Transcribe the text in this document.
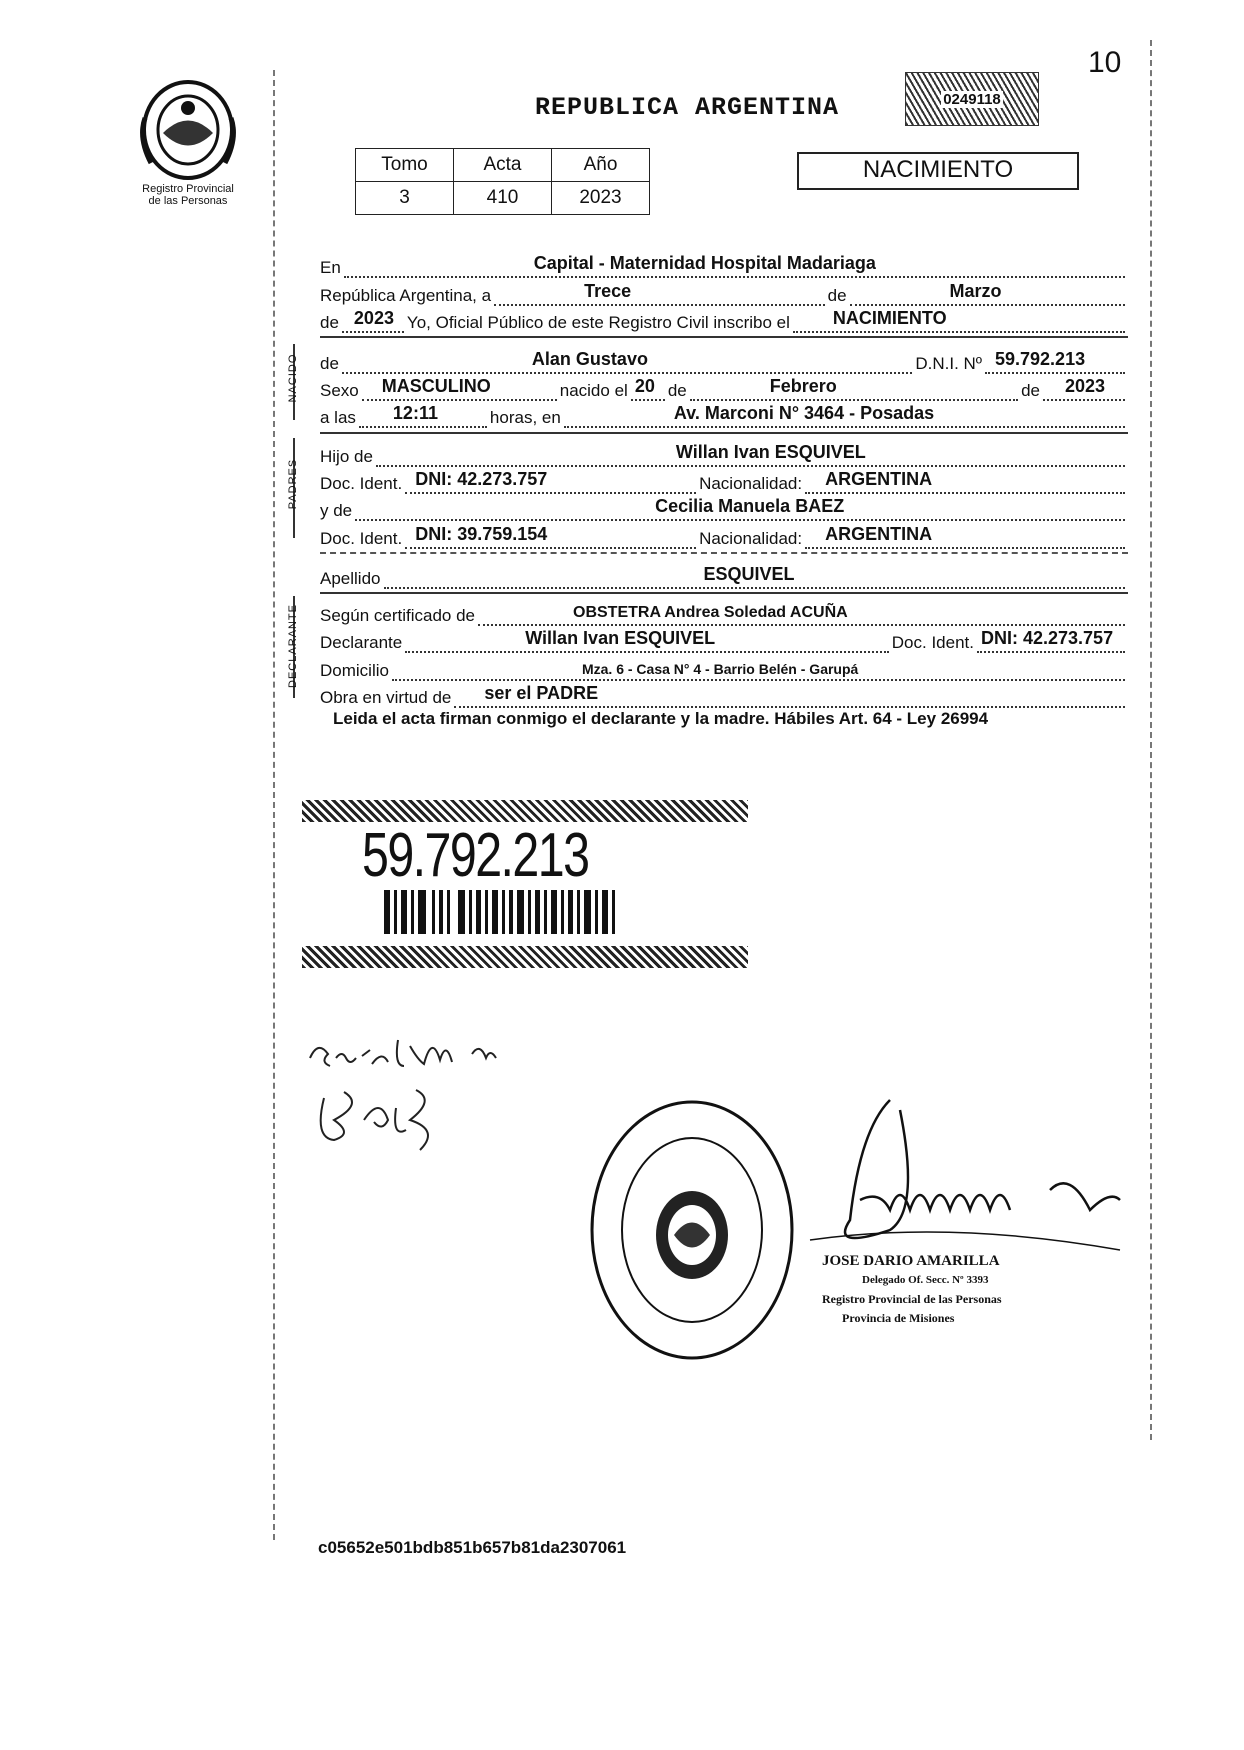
10
Registro Provincial
de las Personas
REPUBLICA ARGENTINA	0249118
Tomo	Acta	Año
3	410	2023
NACIMIENTO
En	Capital - Maternidad Hospital Madariaga
República Argentina, a	Trece	de	Marzo
de 2023 Yo, Oficial Público de este Registro Civil inscribo el NACIMIENTO
NACIDO de	Alan Gustavo	D.N.I. Nº 59.792.213
Sexo MASCULINO	nacido el 20 de	Febrero	de 2023
a las 12:11	horas, en	Av. Marconi N° 3464 - Posadas
PADRES
Hijo de	Willan Ivan ESQUIVEL
Doc. Ident. DNI: 42.273.757	Nacionalidad: ARGENTINA
y de	Cecilia Manuela BAEZ
Doc. Ident. DNI: 39.759.154	Nacionalidad: ARGENTINA
Apellido	ESQUIVEL
DECLARANTE Según certificado de	OBSTETRA Andrea Soledad ACUÑA
Declarante	Willan Ivan ESQUIVEL	Doc. Ident. DNI: 42.273.757
Domicilio	Mza. 6 - Casa N° 4 - Barrio Belén - Garupá
Obra en virtud de ser el PADRE
Leida el acta firman conmigo el declarante y la madre. Hábiles Art. 64 - Ley 26994
59.792.213
JOSE DARIO AMARILLA
Delegado Of. Secc. Nº 3393
Registro Provincial de las Personas
Provincia de Misiones
c05652e501bdb851b657b81da2307061
